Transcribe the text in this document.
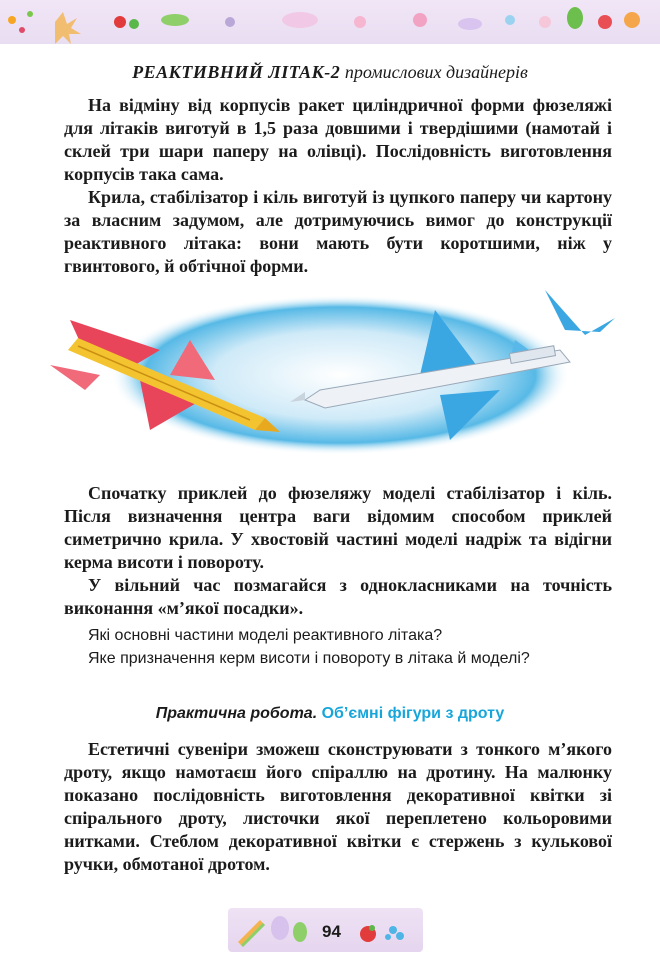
РЕАКТИВНИЙ ЛІТАК-2 промислових дизайнерів

На відміну від корпусів ракет циліндричної форми фюзеляжі для літаків виготуй в 1,5 раза довшими і твердішими (намотай і склей три шари паперу на олівці). Послідовність виготовлення корпусів така сама.

Крила, стабілізатор і кіль виготуй із цупкого паперу чи картону за власним задумом, але дотримуючись вимог до конструкції реактивного літака: вони мають бути коротшими, ніж у гвинтового, й обтічної форми.

Спочатку приклей до фюзеляжу моделі стабілізатор і кіль. Після визначення центра ваги відомим способом приклей симетрично крила. У хвостовій частині моделі надріж та відігни керма висоти і повороту.

У вільний час позмагайся з однокласниками на точність виконання «м’якої посадки».

Які основні частини моделі реактивного літака?

Яке призначення керм висоти і повороту в літака й моделі?

Практична робота. Об’ємні фігури з дроту

Естетичні сувеніри зможеш сконструювати з тонкого м’якого дроту, якщо намотаєш його спіраллю на дротину. На малюнку показано послідовність виготовлення декоративної квітки зі спірального дроту, листочки якої переплетено кольоровими нитками. Стеблом декоративної квітки є стержень з кулькової ручки, обмотаної дротом.

94
